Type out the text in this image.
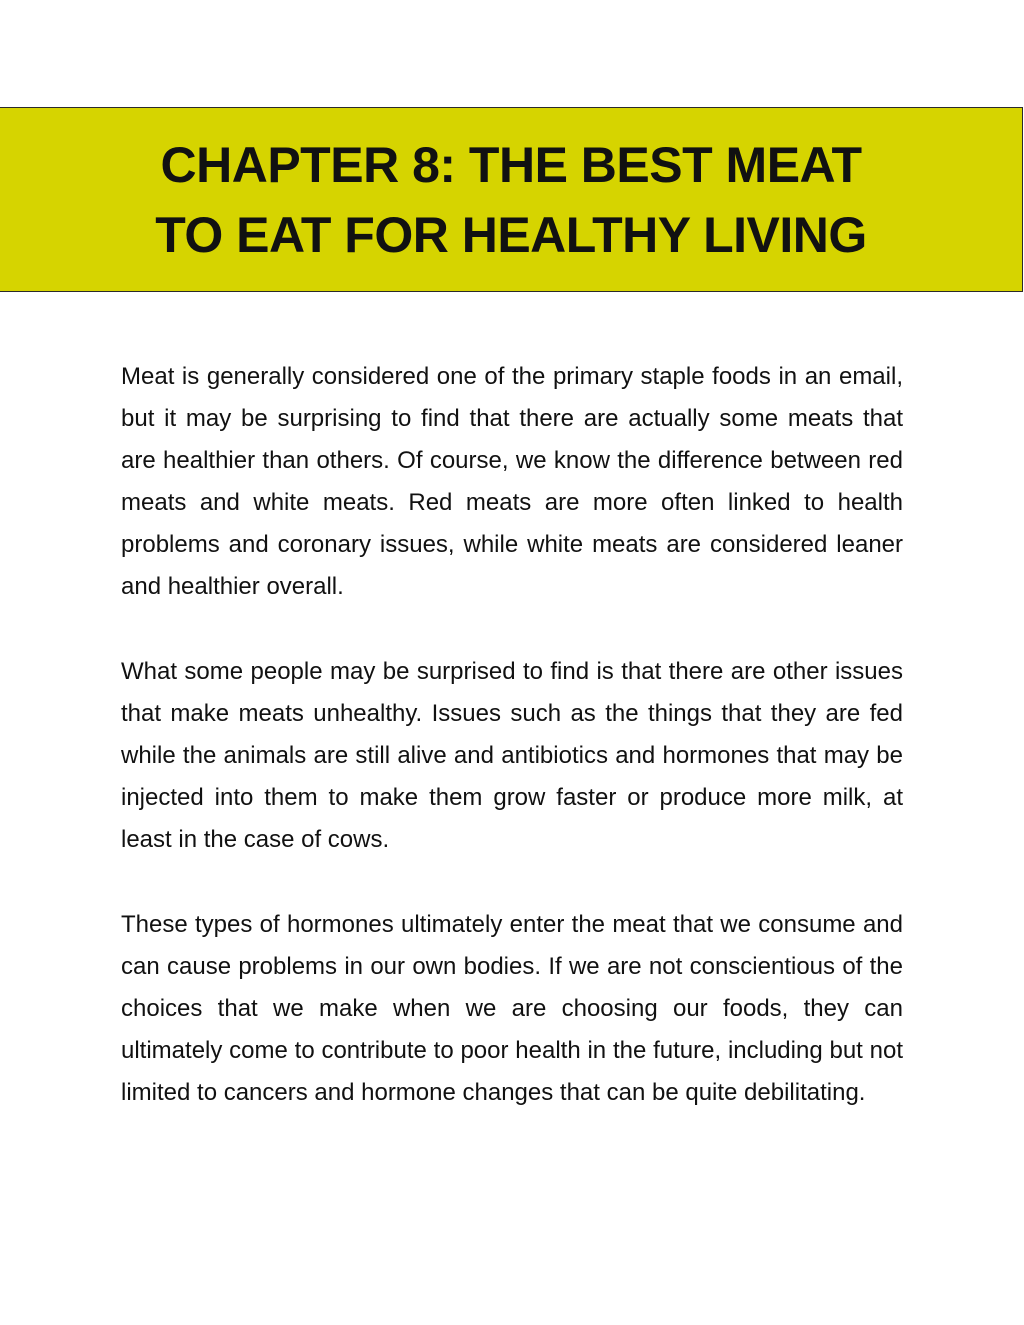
CHAPTER 8: THE BEST MEAT
TO EAT FOR HEALTHY LIVING

Meat is generally considered one of the primary staple foods in an email, but it may be surprising to find that there are actually some meats that are healthier than others. Of course, we know the difference between red meats and white meats. Red meats are more often linked to health problems and coronary issues, while white meats are considered leaner and healthier overall.

What some people may be surprised to find is that there are other issues that make meats unhealthy. Issues such as the things that they are fed while the animals are still alive and antibiotics and hormones that may be injected into them to make them grow faster or produce more milk, at least in the case of cows.

These types of hormones ultimately enter the meat that we consume and can cause problems in our own bodies. If we are not conscientious of the choices that we make when we are choosing our foods, they can ultimately come to contribute to poor health in the future, including but not limited to cancers and hormone changes that can be quite debilitating.
